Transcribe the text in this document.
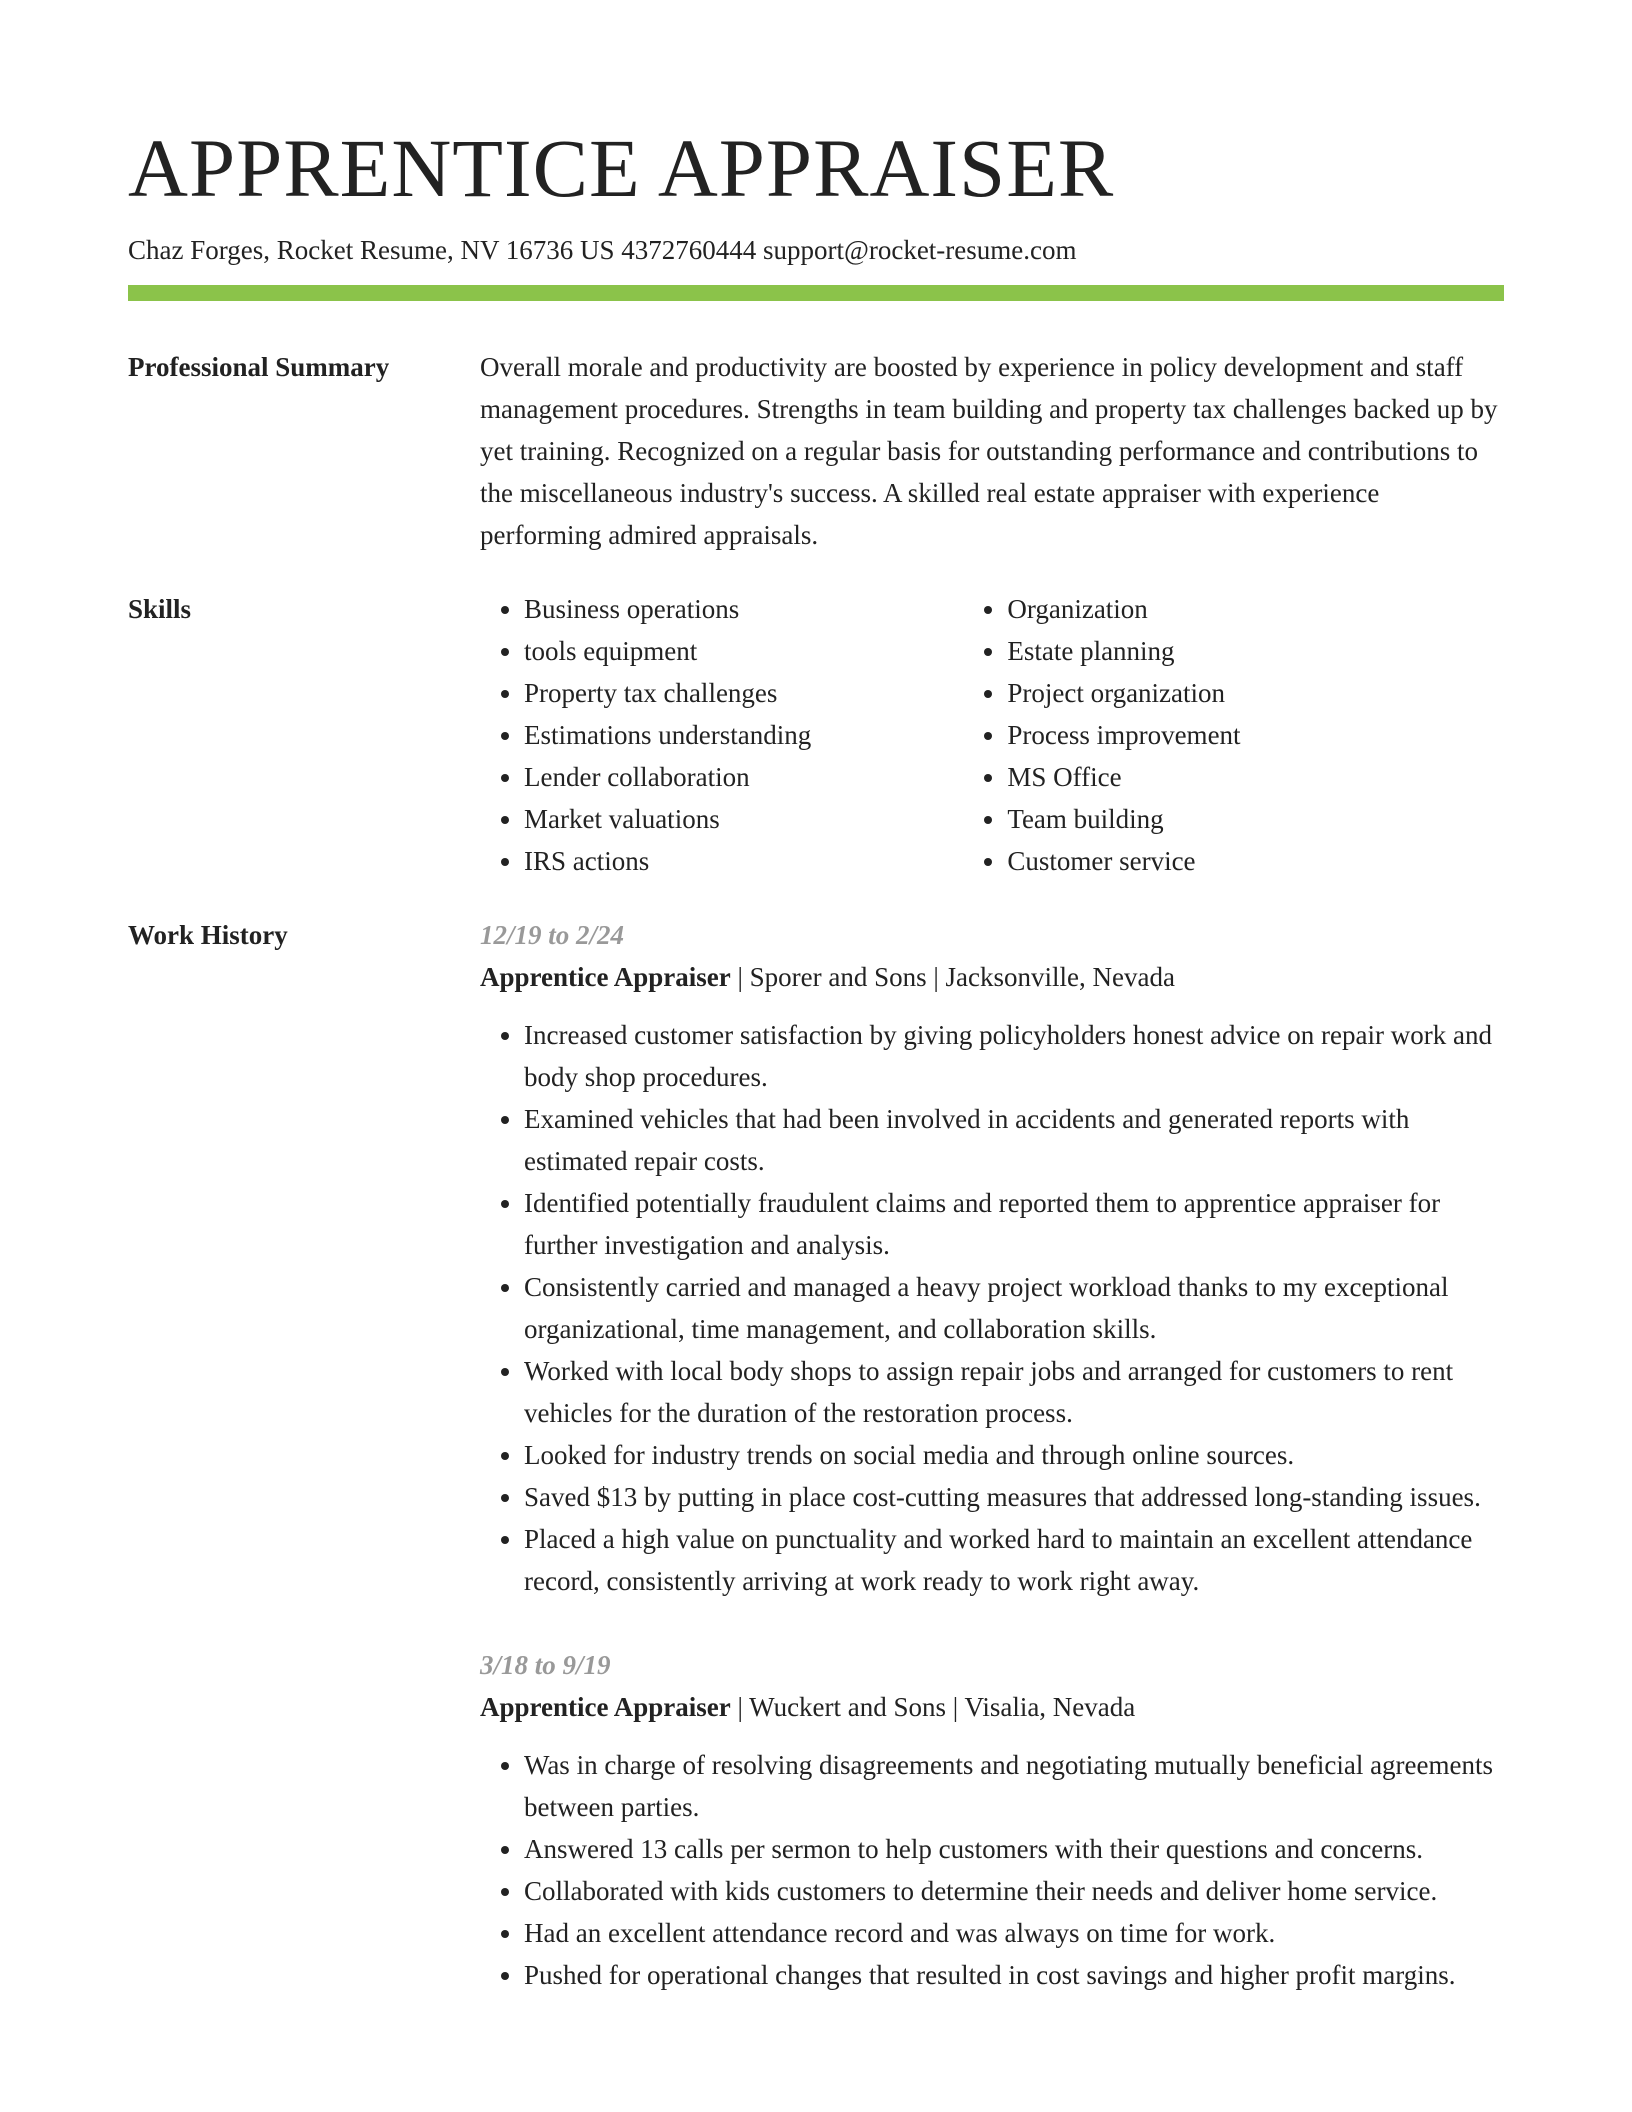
APPRENTICE APPRAISER
Chaz Forges, Rocket Resume, NV 16736 US 4372760444 support@rocket-resume.com
Professional Summary	Overall morale and productivity are boosted by experience in policy development and staff management procedures. Strengths in team building and property tax challenges backed up by yet training. Recognized on a regular basis for outstanding performance and contributions to the miscellaneous industry's success. A skilled real estate appraiser with experience performing admired appraisals.

Skills
•	Business operations
• tools equipment
• Property tax challenges
• Estimations understanding
• Lender collaboration
• Market valuations
• IRS actions
• Organization
• Estate planning
• Project organization
• Process improvement
• MS Office
• Team building
• Customer service
Work History	12/19 to 2/24
Apprentice Appraiser | Sporer and Sons | Jacksonville, Nevada
• Increased customer satisfaction by giving policyholders honest advice on repair work and body shop procedures.
• Examined vehicles that had been involved in accidents and generated reports with estimated repair costs.
• Identified potentially fraudulent claims and reported them to apprentice appraiser for further investigation and analysis.
• Consistently carried and managed a heavy project workload thanks to my exceptional organizational, time management, and collaboration skills.
• Worked with local body shops to assign repair jobs and arranged for customers to rent vehicles for the duration of the restoration process.
• Looked for industry trends on social media and through online sources.
• Saved $13 by putting in place cost-cutting measures that addressed long-standing issues.
• Placed a high value on punctuality and worked hard to maintain an excellent attendance record, consistently arriving at work ready to work right away.
3/18 to 9/19
Apprentice Appraiser | Wuckert and Sons | Visalia, Nevada
• Was in charge of resolving disagreements and negotiating mutually beneficial agreements between parties.
• Answered 13 calls per sermon to help customers with their questions and concerns.
• Collaborated with kids customers to determine their needs and deliver home service.
• Had an excellent attendance record and was always on time for work.
• Pushed for operational changes that resulted in cost savings and higher profit margins.
